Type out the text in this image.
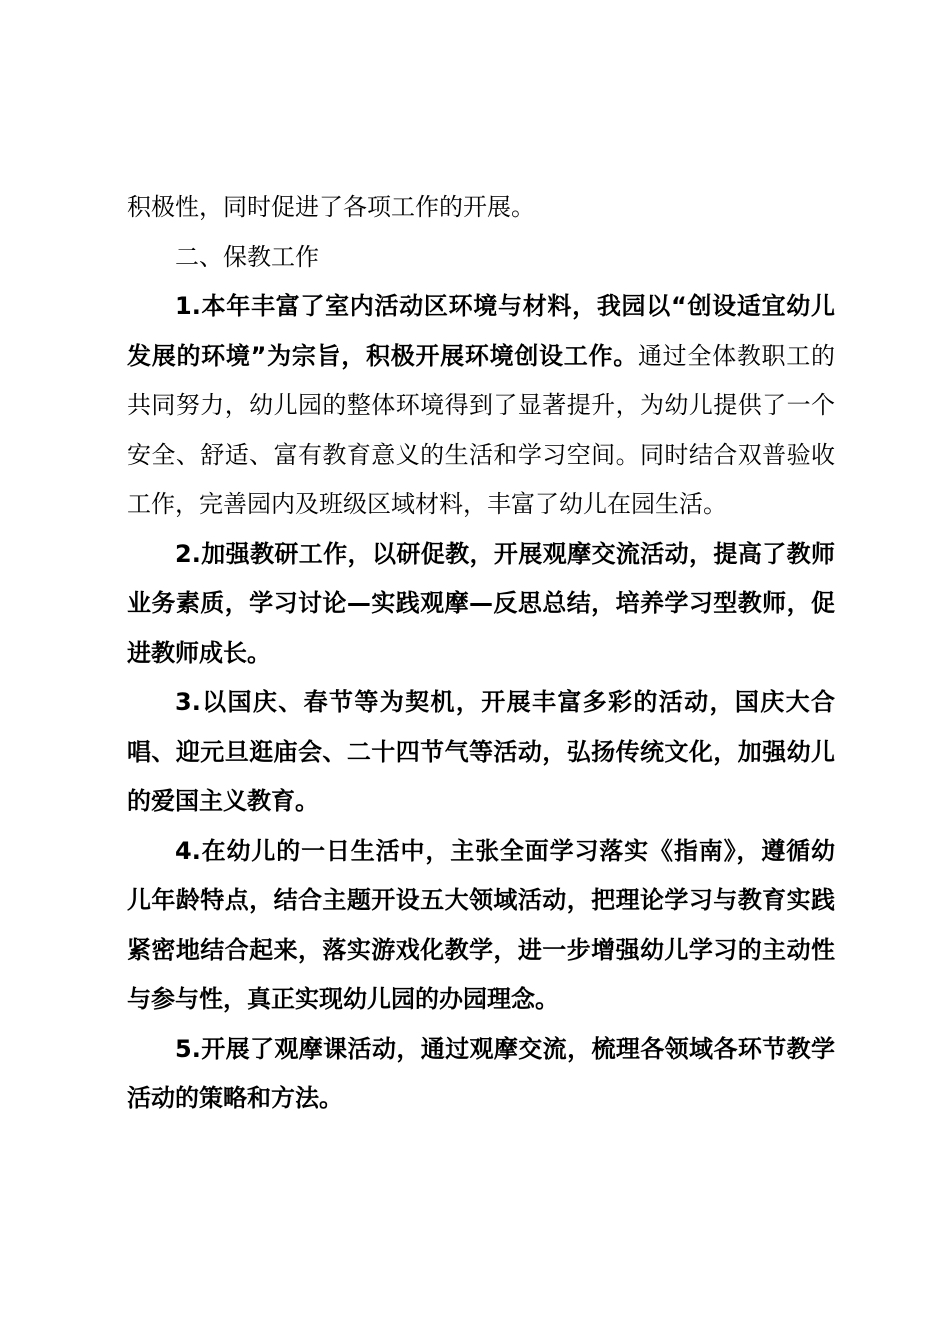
积极性，同时促进了各项工作的开展。

二、保教工作

1.本年丰富了室内活动区环境与材料，我园以“创设适宜幼儿发展的环境”为宗旨，积极开展环境创设工作。通过全体教职工的共同努力，幼儿园的整体环境得到了显著提升，为幼儿提供了一个安全、舒适、富有教育意义的生活和学习空间。同时结合双普验收工作，完善园内及班级区域材料，丰富了幼儿在园生活。

2.加强教研工作，以研促教，开展观摩交流活动，提高了教师业务素质，学习讨论—实践观摩—反思总结，培养学习型教师，促进教师成长。

3.以国庆、春节等为契机，开展丰富多彩的活动，国庆大合唱、迎元旦逛庙会、二十四节气等活动，弘扬传统文化，加强幼儿的爱国主义教育。

4.在幼儿的一日生活中，主张全面学习落实《指南》，遵循幼儿年龄特点，结合主题开设五大领域活动，把理论学习与教育实践紧密地结合起来，落实游戏化教学，进一步增强幼儿学习的主动性与参与性，真正实现幼儿园的办园理念。

5.开展了观摩课活动，通过观摩交流，梳理各领域各环节教学活动的策略和方法。
